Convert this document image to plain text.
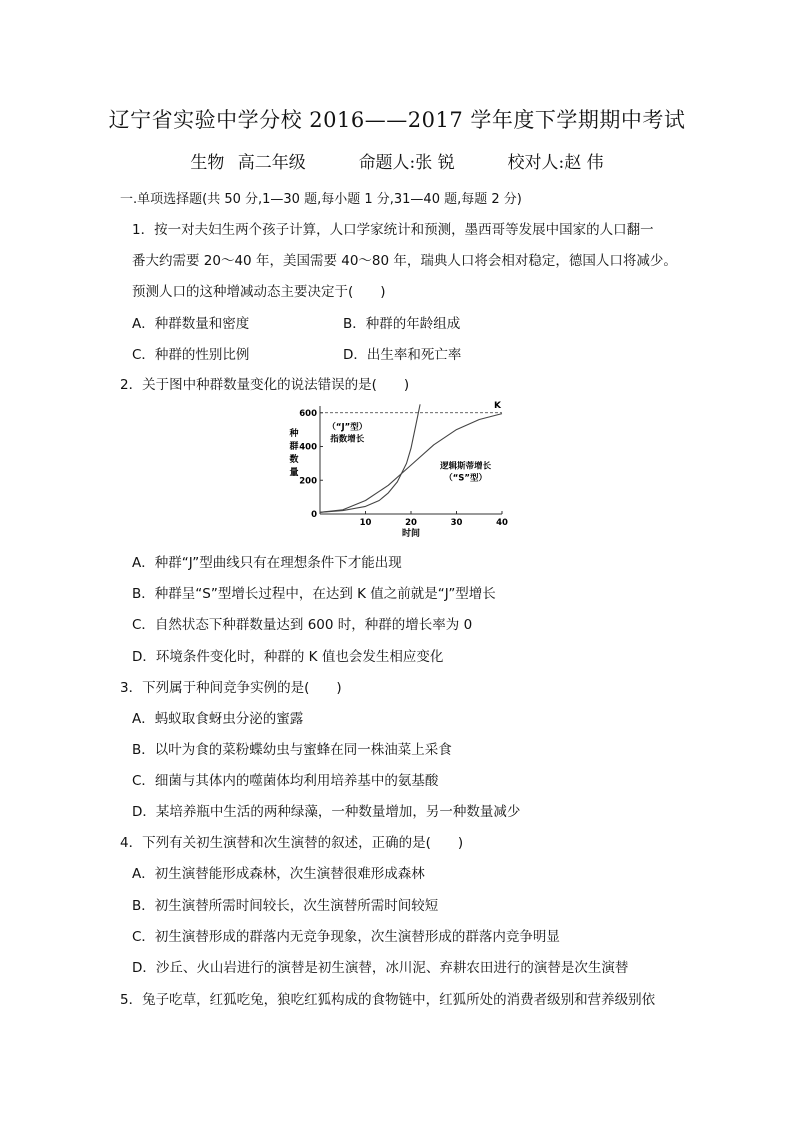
辽宁省实验中学分校 2016——2017 学年度下学期期中考试
生物 高二年级	命题人:张 锐	校对人:赵 伟
一.单项选择题(共 50 分,1—30 题,每小题 1 分,31—40 题,每题 2 分)
1．按一对夫妇生两个孩子计算，人口学家统计和预测，墨西哥等发展中国家的人口翻一
番大约需要 20～40 年，美国需要 40～80 年，瑞典人口将会相对稳定，德国人口将减少。
预测人口的这种增减动态主要决定于(　　)
A．种群数量和密度	B．种群的年龄组成
C．种群的性别比例	D．出生率和死亡率
2．关于图中种群数量变化的说法错误的是(　　)
10	20	30	40
0
200
400
600
种
群
数
量
时间
K
（“J”型）
指数增长
逻辑斯蒂增长
（“S”型）
A．种群“J”型曲线只有在理想条件下才能出现
B．种群呈“S”型增长过程中，在达到 K 值之前就是“J”型增长
C．自然状态下种群数量达到 600 时，种群的增长率为 0
D．环境条件变化时，种群的 K 值也会发生相应变化
3．下列属于种间竞争实例的是(　　)
A．蚂蚁取食蚜虫分泌的蜜露
B．以叶为食的菜粉蝶幼虫与蜜蜂在同一株油菜上采食
C．细菌与其体内的噬菌体均利用培养基中的氨基酸
D．某培养瓶中生活的两种绿藻，一种数量增加，另一种数量减少
4．下列有关初生演替和次生演替的叙述，正确的是(　　)
A．初生演替能形成森林，次生演替很难形成森林
B．初生演替所需时间较长，次生演替所需时间较短
C．初生演替形成的群落内无竞争现象，次生演替形成的群落内竞争明显
D．沙丘、火山岩进行的演替是初生演替，冰川泥、弃耕农田进行的演替是次生演替
5．兔子吃草，红狐吃兔，狼吃红狐构成的食物链中，红狐所处的消费者级别和营养级别依
